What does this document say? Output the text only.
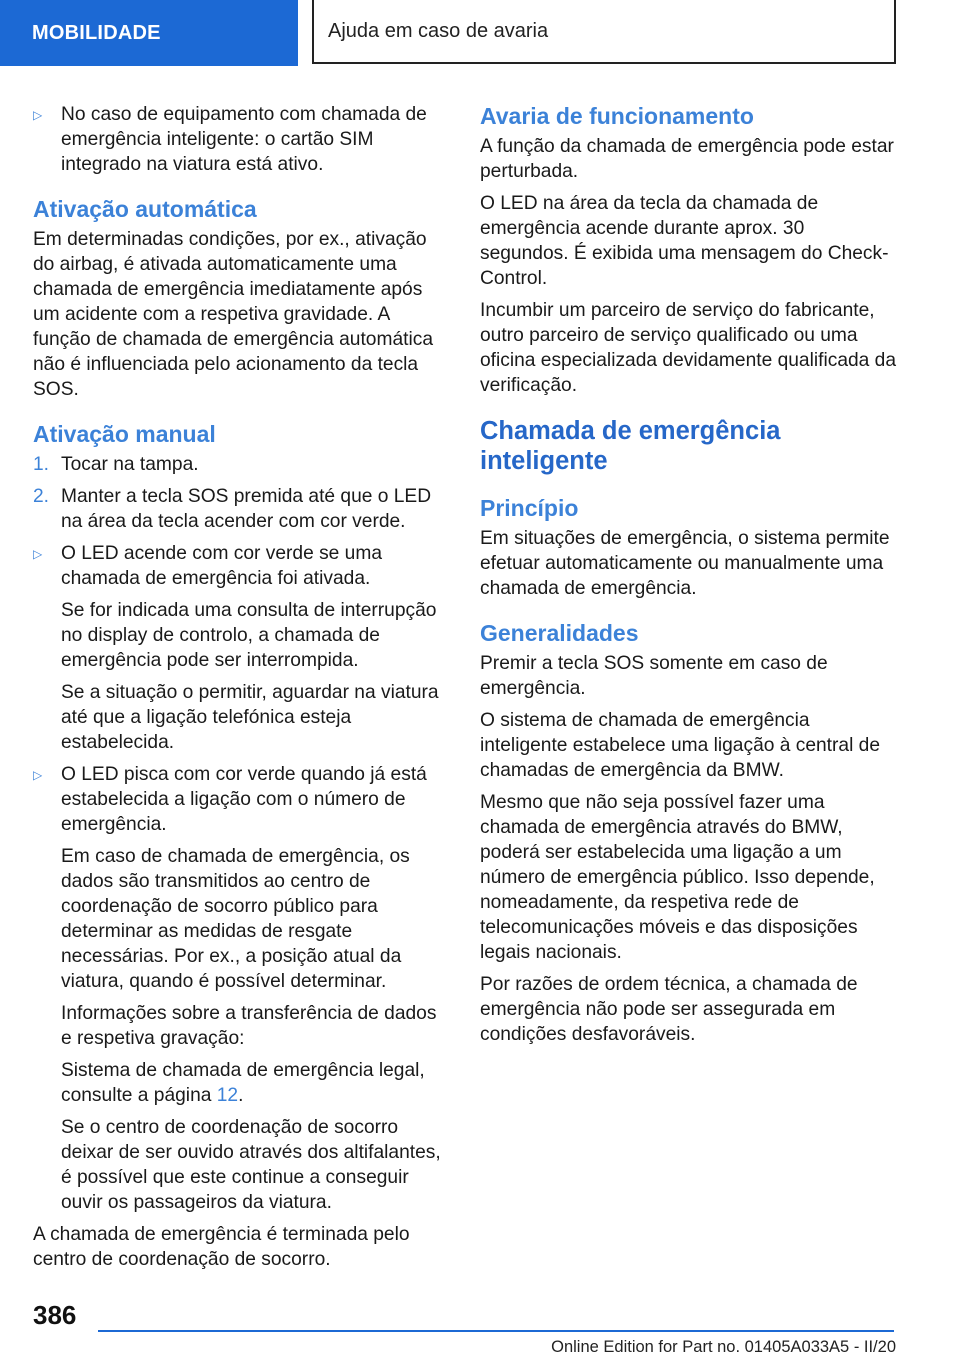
MOBILIDADE	Ajuda em caso de avaria
▷ No caso de equipamento com chamada de emergência inteligente: o cartão SIM integrado na viatura está ativo.
Ativação automática

Em determinadas condições, por ex., ativação do airbag, é ativada automaticamente uma chamada de emergência imediatamente após um acidente com a respetiva gravidade. A função de chamada de emergência automática não é influenciada pelo acionamento da tecla SOS.

Ativação manual
1. Tocar na tampa.
2. Manter a tecla SOS premida até que o LED na área da tecla acender com cor verde.
▷ O LED acende com cor verde se uma chamada de emergência foi ativada.

Se for indicada uma consulta de interrupção no display de controlo, a chamada de emergência pode ser interrompida.

Se a situação o permitir, aguardar na viatura até que a ligação telefónica esteja estabelecida.

▷ O LED pisca com cor verde quando já está estabelecida a ligação com o número de emergência.

Em caso de chamada de emergência, os dados são transmitidos ao centro de coordenação de socorro público para determinar as medidas de resgate necessárias. Por ex., a posição atual da viatura, quando é possível determinar.

Informações sobre a transferência de dados e respetiva gravação:

Sistema de chamada de emergência legal, consulte a página 12.

Se o centro de coordenação de socorro deixar de ser ouvido através dos altifalantes, é possível que este continue a conseguir ouvir os passageiros da viatura.

A chamada de emergência é terminada pelo centro de coordenação de socorro.

Avaria de funcionamento

A função da chamada de emergência pode estar perturbada.

O LED na área da tecla da chamada de emergência acende durante aprox. 30 segundos. É exibida uma mensagem do Check-Control.

Incumbir um parceiro de serviço do fabricante, outro parceiro de serviço qualificado ou uma oficina especializada devidamente qualificada da verificação.

Chamada de emergência inteligente
Princípio

Em situações de emergência, o sistema permite efetuar automaticamente ou manualmente uma chamada de emergência.

Generalidades

Premir a tecla SOS somente em caso de emergência.

O sistema de chamada de emergência inteligente estabelece uma ligação à central de chamadas de emergência da BMW.

Mesmo que não seja possível fazer uma chamada de emergência através do BMW, poderá ser estabelecida uma ligação a um número de emergência público. Isso depende, nomeadamente, da respetiva rede de telecomunicações móveis e das disposições legais nacionais.

Por razões de ordem técnica, a chamada de emergência não pode ser assegurada em condições desfavoráveis.

386
Online Edition for Part no. 01405A033A5 - II/20
